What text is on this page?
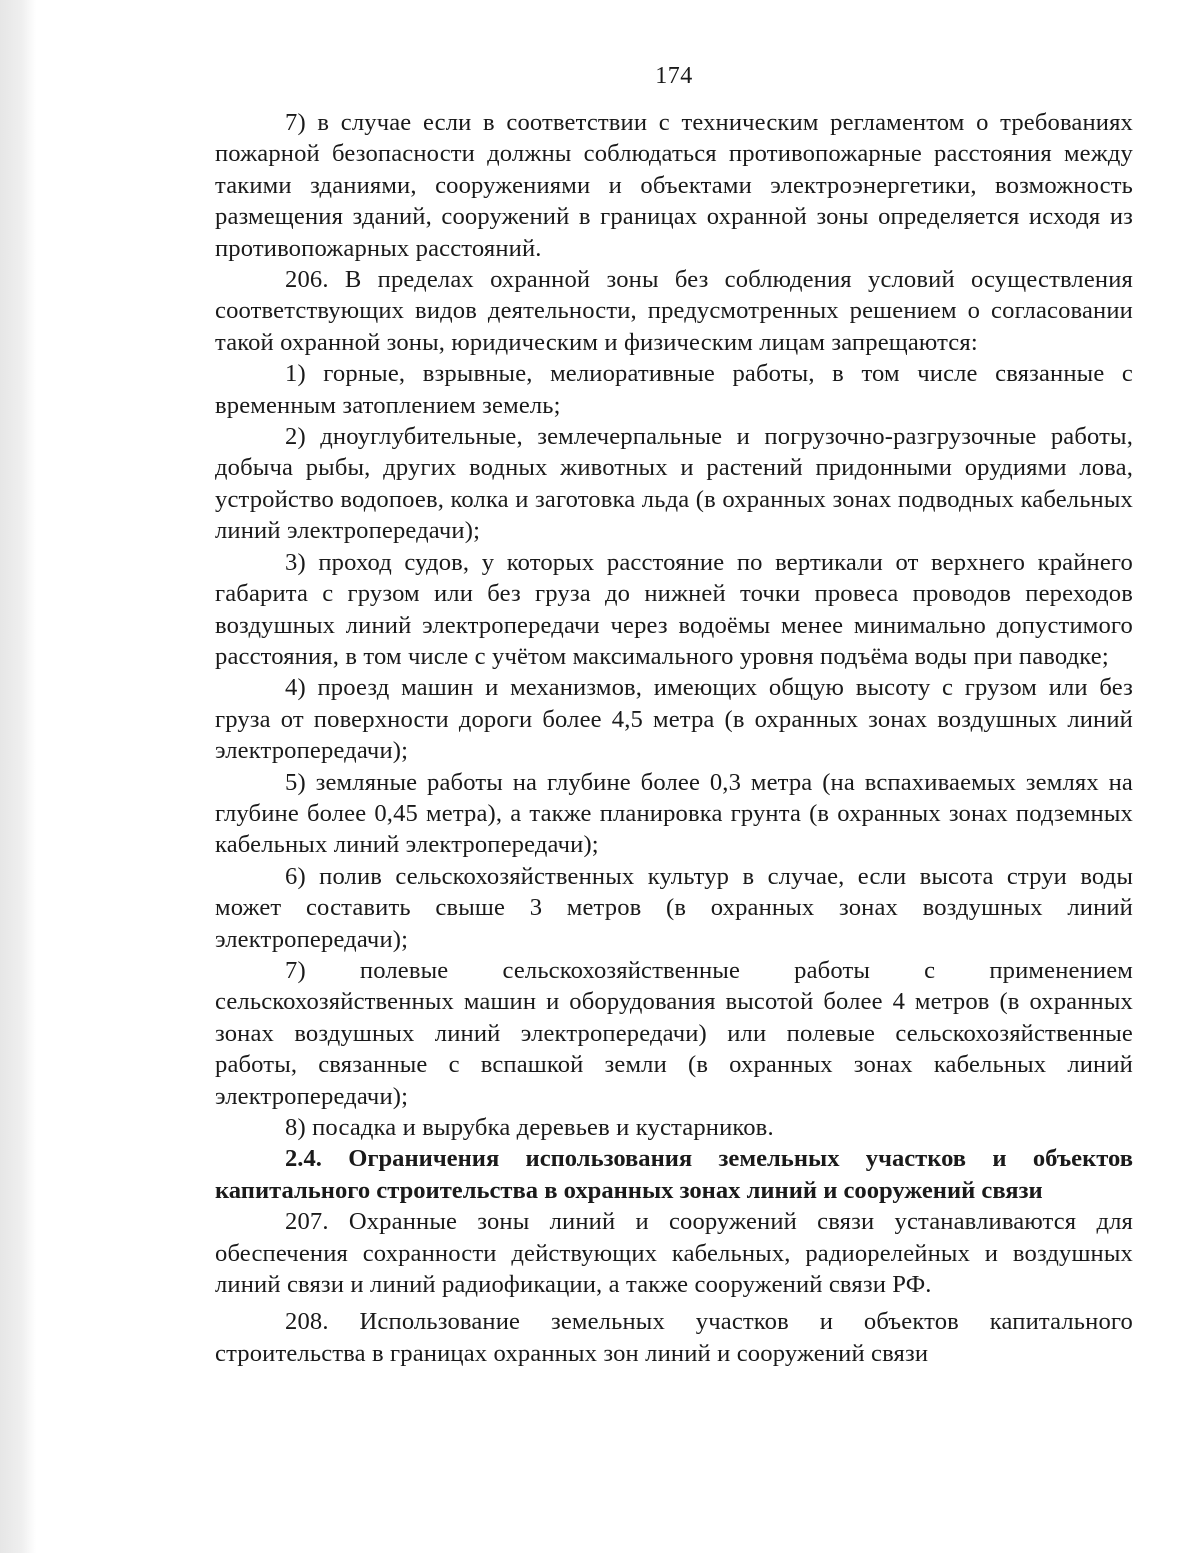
174

7) в случае если в соответствии с техническим регламентом о требованиях пожарной безопасности должны соблюдаться противопожарные расстояния между такими зданиями, сооружениями и объектами электроэнергетики, возможность размещения зданий, сооружений в границах охранной зоны определяется исходя из противопожарных расстояний.

206. В пределах охранной зоны без соблюдения условий осуществления соответствующих видов деятельности, предусмотренных решением о согласовании такой охранной зоны, юридическим и физическим лицам запрещаются:

1) горные, взрывные, мелиоративные работы, в том числе связанные с временным затоплением земель;

2) дноуглубительные, землечерпальные и погрузочно-разгрузочные работы, добыча рыбы, других водных животных и растений придонными орудиями лова, устройство водопоев, колка и заготовка льда (в охранных зонах подводных кабельных линий электропередачи);

3) проход судов, у которых расстояние по вертикали от верхнего крайнего габарита с грузом или без груза до нижней точки провеса проводов переходов воздушных линий электропередачи через водоёмы менее минимально допустимого расстояния, в том числе с учётом максимального уровня подъёма воды при паводке;

4) проезд машин и механизмов, имеющих общую высоту с грузом или без груза от поверхности дороги более 4,5 метра (в охранных зонах воздушных линий электропередачи);

5) земляные работы на глубине более 0,3 метра (на вспахиваемых землях на глубине более 0,45 метра), а также планировка грунта (в охранных зонах подземных кабельных линий электропередачи);

6) полив сельскохозяйственных культур в случае, если высота струи воды может составить свыше 3 метров (в охранных зонах воздушных линий электропередачи);

7) полевые сельскохозяйственные работы с применением сельскохозяйственных машин и оборудования высотой более 4 метров (в охранных зонах воздушных линий электропередачи) или полевые сельскохозяйственные работы, связанные с вспашкой земли (в охранных зонах кабельных линий электропередачи);

8) посадка и вырубка деревьев и кустарников.

2.4. Ограничения использования земельных участков и объектов капитального строительства в охранных зонах линий и сооружений связи

207. Охранные зоны линий и сооружений связи устанавливаются для обеспечения сохранности действующих кабельных, радиорелейных и воздушных линий связи и линий радиофикации, а также сооружений связи РФ.

208. Использование земельных участков и объектов капитального строительства в границах охранных зон линий и сооружений связи
